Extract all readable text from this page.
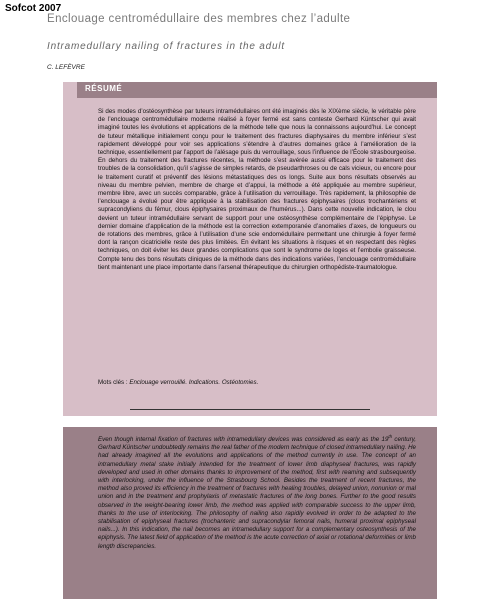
Sofcot 2007
Enclouage centromédullaire des membres chez l’adulte
Intramedullary nailing of fractures in the adult
C. LEFÈVRE
RÉSUMÉ

Si des modes d’ostéosynthèse par tuteurs intramédullaires ont été imaginés dès le XIXème siècle, le véritable père de l’enclouage centromédullaire moderne réalisé à foyer fermé est sans conteste Gerhard Küntscher qui avait imaginé toutes les évolutions et applications de la méthode telle que nous la connaissons aujourd’hui. Le concept de tuteur métallique initialement conçu pour le traitement des fractures diaphysaires du membre inférieur s’est rapidement développé pour voir ses applications s’étendre à d’autres domaines grâce à l’amélioration de la technique, essentiellement par l’apport de l’alésage puis du verrouillage, sous l’influence de l’École strasbourgeoise. En dehors du traitement des fractures récentes, la méthode s’est avérée aussi efficace pour le traitement des troubles de la consolidation, qu’il s’agisse de simples retards, de pseudarthroses ou de cals vicieux, ou encore pour le traitement curatif et préventif des lésions métastatiques des os longs. Suite aux bons résultats observés au niveau du membre pelvien, membre de charge et d’appui, la méthode a été appliquée au membre supérieur, membre libre, avec un succès comparable, grâce à l’utilisation du verrouillage. Très rapidement, la philosophie de l’enclouage a évolué pour être appliquée à la stabilisation des fractures épiphysaires (clous trochantériens et supracondyliens du fémur, clous épiphysaires proximaux de l’humérus...). Dans cette nouvelle indication, le clou devient un tuteur intramédullaire servant de support pour une ostéosynthèse complémentaire de l’épiphyse. Le dernier domaine d’application de la méthode est la correction extemporanée d’anomalies d’axes, de longueurs ou de rotations des membres, grâce à l’utilisation d’une scie endomédullaire permettant une chirurgie à foyer fermé dont la rançon cicatricielle reste des plus limitées. En évitant les situations à risques et en respectant des règles techniques, on doit éviter les deux grandes complications que sont le syndrome de loges et l’embolie graisseuse. Compte tenu des bons résultats cliniques de la méthode dans des indications variées, l’enclouage centromédullaire tient maintenant une place importante dans l’arsenal thérapeutique du chirurgien orthopédiste-traumatologue.

Mots clés : Enclouage verrouillé. Indications. Ostéotomies.

Even though internal fixation of fractures with intramedullary devices was considered as early as the 19th century, Gerhard Küntscher undoubtedly remains the real father of the modern technique of closed intramedullary nailing. He had already imagined all the evolutions and applications of the method currently in use. The concept of an intramedullary metal stake initially intended for the treatment of lower limb diaphyseal fractures, was rapidly developed and used in other domains thanks to improvement of the method, first with reaming and subsequently with interlocking, under the influence of the Strasbourg School. Besides the treatment of recent fractures, the method also proved its efficiency in the treatment of fractures with healing troubles, delayed union, nonunion or mal union and in the treatment and prophylaxis of metastatic fractures of the long bones. Further to the good results observed in the weight-bearing lower limb, the method was applied with comparable success to the upper limb, thanks to the use of interlocking. The philosophy of nailing also rapidly evolved in order to be adapted to the stabilisation of epiphyseal fractures (trochanteric and supracondylar femoral nails, humeral proximal epiphyseal nails...). In this indication, the nail becomes an intramedullary support for a complementary osteosynthesis of the epiphysis. The latest field of application of the method is the acute correction of axial or rotational deformities or limb length discrepancies.
